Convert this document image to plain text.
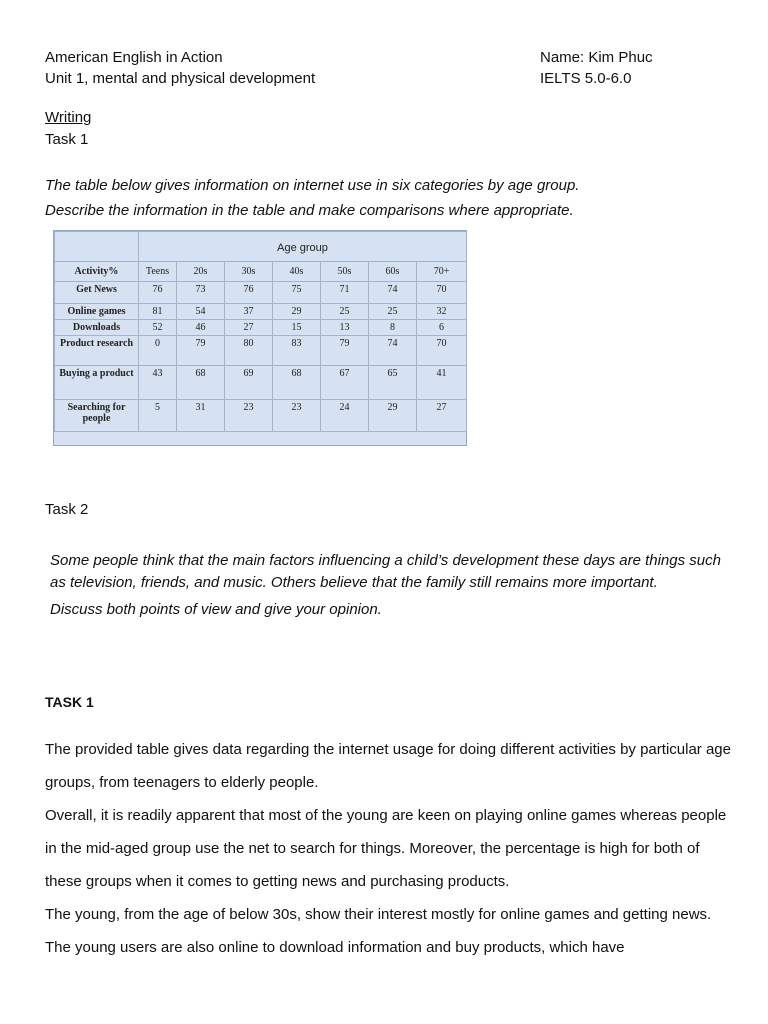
American English in Action
Unit 1, mental and physical development
Name: Kim Phuc
IELTS 5.0-6.0
Writing
Task 1
The table below gives information on internet use in six categories by age group.
Describe the information in the table and make comparisons where appropriate.
	Age group						
Activity%	Teens	20s	30s	40s	50s	60s	70+
Get News	76	73	76	75	71	74	70
Online games	81	54	37	29	25	25	32
Downloads	52	46	27	15	13	8	6
Product research	0	79	80	83	79	74	70
Buying a product	43	68	69	68	67	65	41
Searching for people	5	31	23	23	24	29	27
Task 2

Some people think that the main factors influencing a child’s development these days are things such as television, friends, and music. Others believe that the family still remains more important.

Discuss both points of view and give your opinion.

TASK 1

The provided table gives data regarding the internet usage for doing different activities by particular age groups, from teenagers to elderly people.

Overall, it is readily apparent that most of the young are keen on playing online games whereas people in the mid-aged group use the net to search for things. Moreover, the percentage is high for both of these groups when it comes to getting news and purchasing products.

The young, from the age of below 30s, show their interest mostly for online games and getting news. The young users are also online to download information and buy products, which have
